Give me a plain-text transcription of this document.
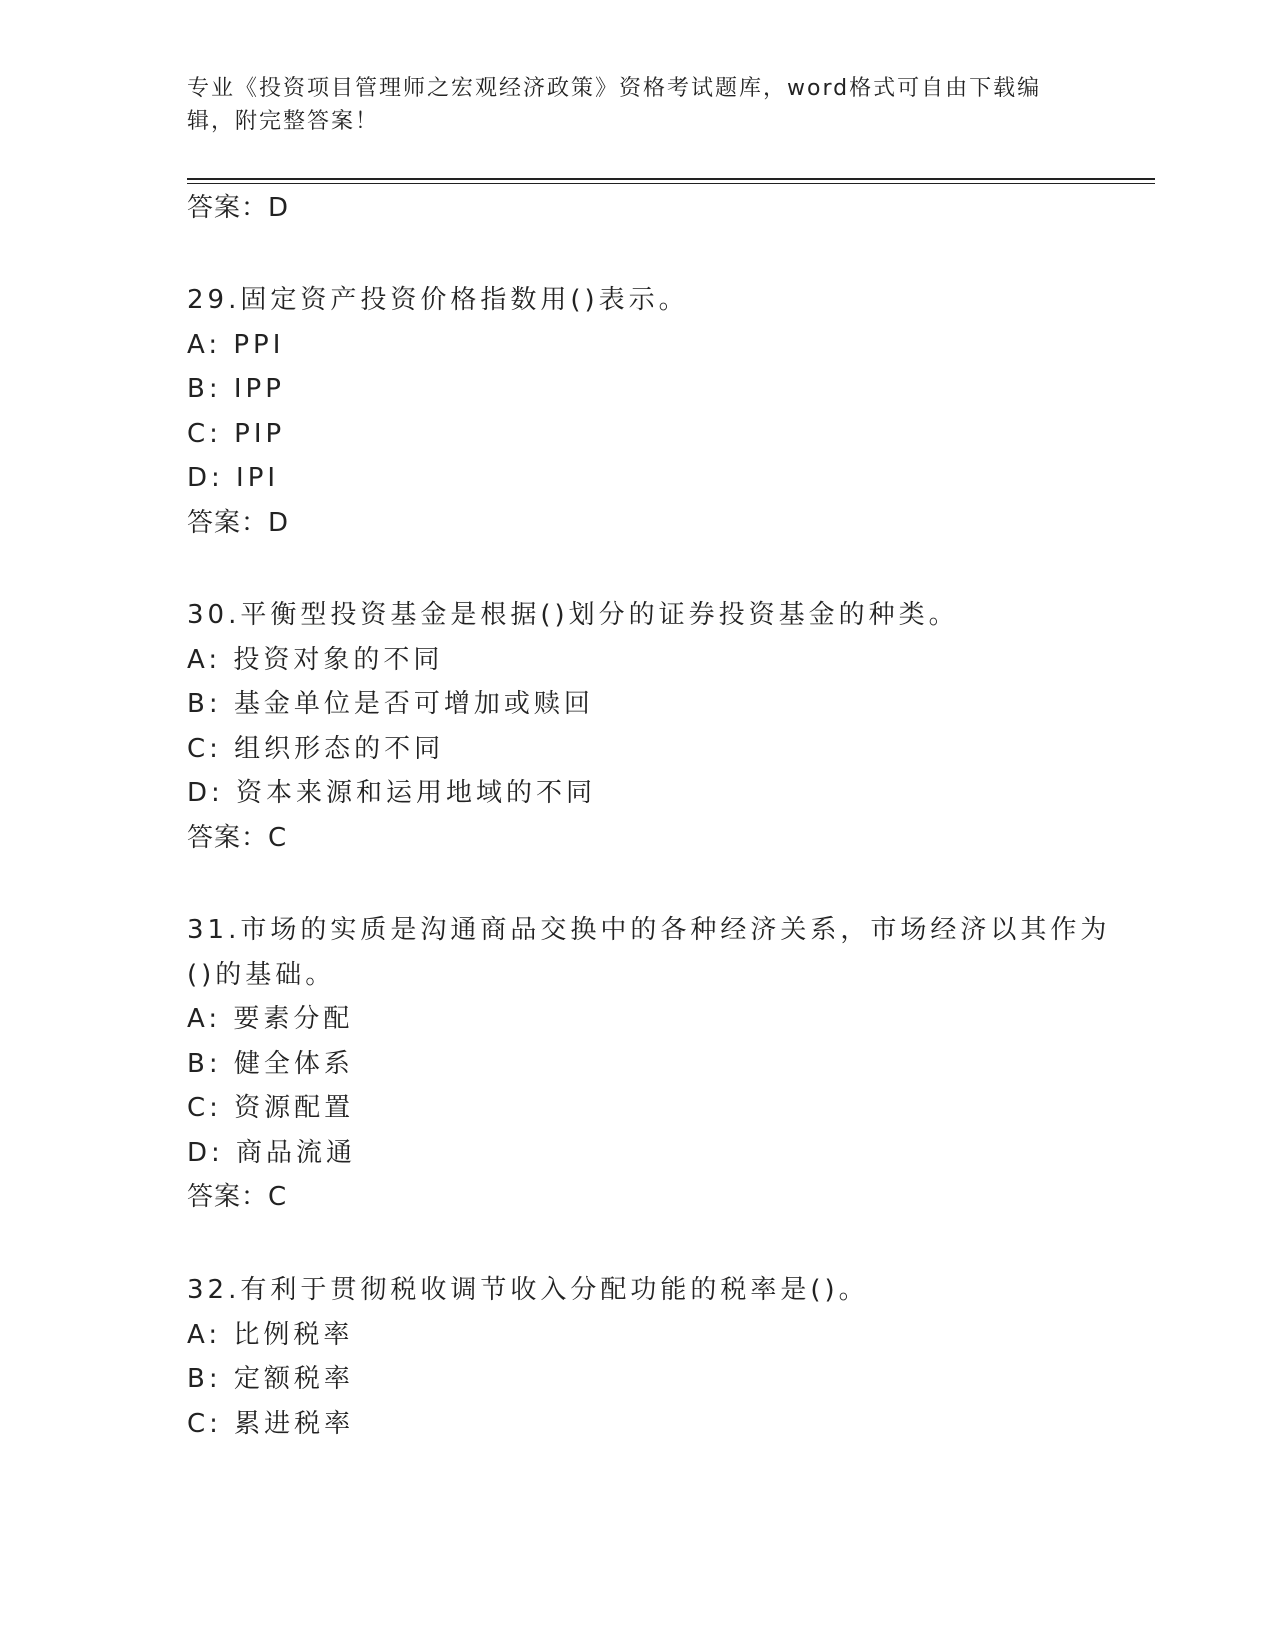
专业《投资项目管理师之宏观经济政策》资格考试题库，word格式可自由下载编
辑，附完整答案！
答案：D
29.固定资产投资价格指数用()表示。
A: PPI
B: IPP
C: PIP
D: IPI
答案：D
30.平衡型投资基金是根据()划分的证券投资基金的种类。
A: 投资对象的不同
B: 基金单位是否可增加或赎回
C: 组织形态的不同
D: 资本来源和运用地域的不同
答案：C
31.市场的实质是沟通商品交换中的各种经济关系，市场经济以其作为
()的基础。
A: 要素分配
B: 健全体系
C: 资源配置
D: 商品流通
答案：C
32.有利于贯彻税收调节收入分配功能的税率是()。
A: 比例税率
B: 定额税率
C: 累进税率
